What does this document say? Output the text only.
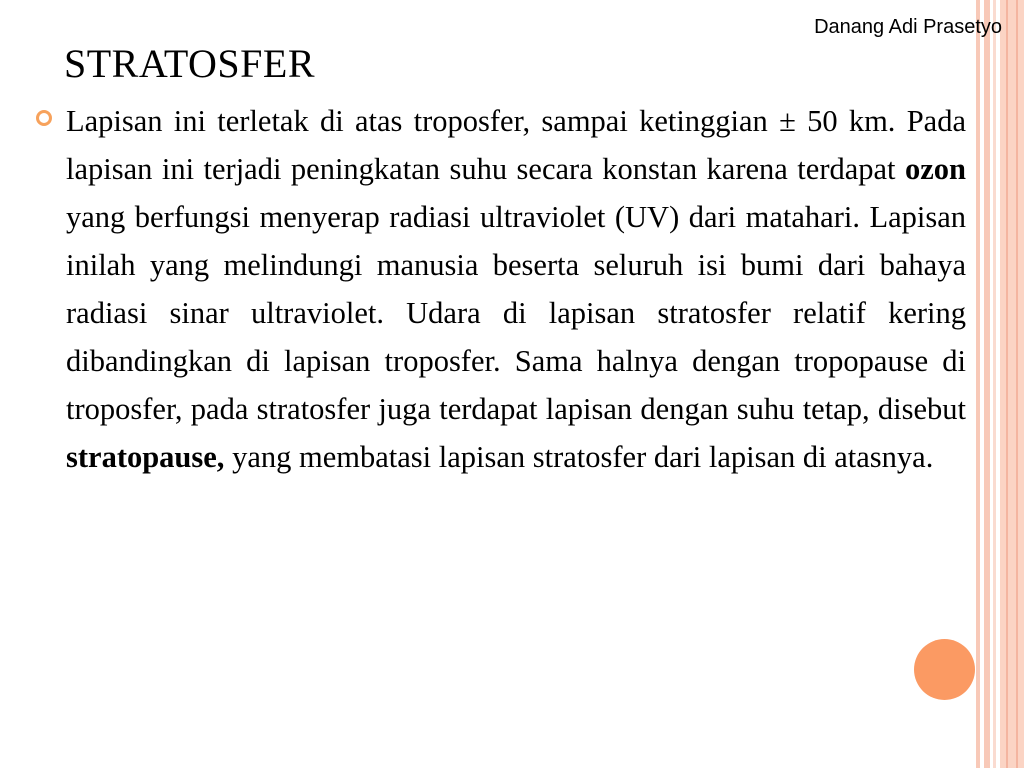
Danang Adi Prasetyo
STRATOSFER
Lapisan ini terletak di atas troposfer, sampai ketinggian ± 50 km. Pada lapisan ini terjadi peningkatan suhu secara konstan karena terdapat ozon yang berfungsi menyerap radiasi ultraviolet (UV) dari matahari. Lapisan inilah yang melindungi manusia beserta seluruh isi bumi dari bahaya radiasi sinar ultraviolet. Udara di lapisan stratosfer relatif kering dibandingkan di lapisan troposfer. Sama halnya dengan tropopause di troposfer, pada stratosfer juga terdapat lapisan dengan suhu tetap, disebut stratopause, yang membatasi lapisan stratosfer dari lapisan di atasnya.
